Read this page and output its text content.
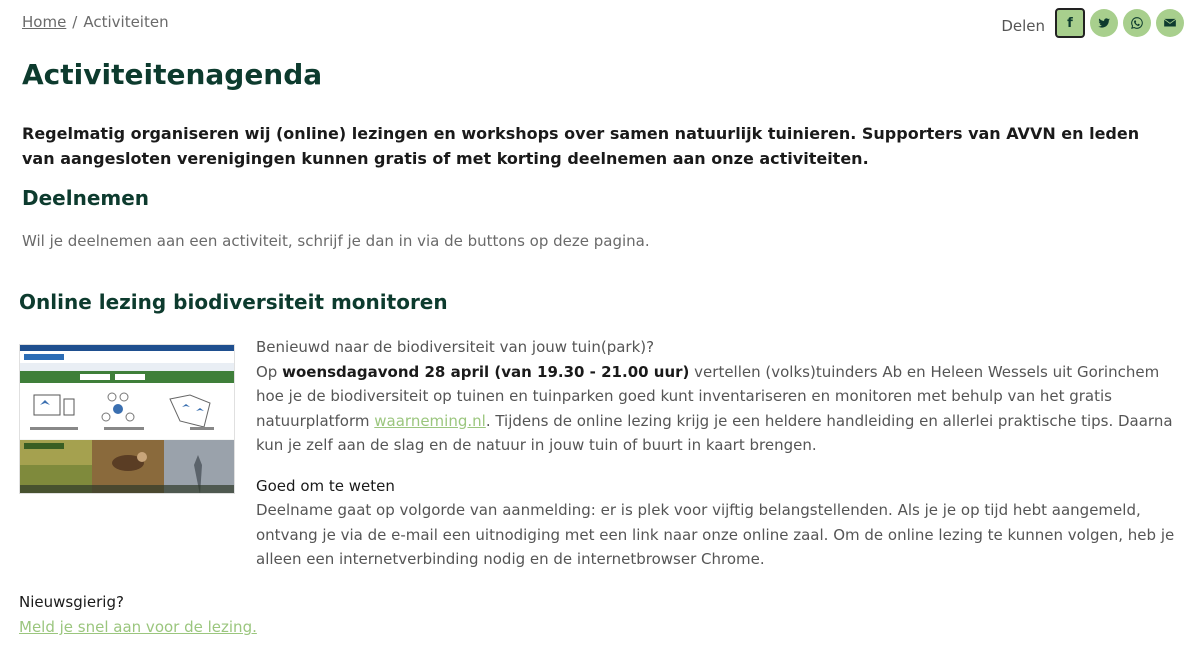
Home / Activiteiten	Delen f
Activiteitenagenda

Regelmatig organiseren wij (online) lezingen en workshops over samen natuurlijk tuinieren. Supporters van AVVN en leden van aangesloten verenigingen kunnen gratis of met korting deelnemen aan onze activiteiten.

Deelnemen

Wil je deelnemen aan een activiteit, schrijf je dan in via de buttons op deze pagina.

Online lezing biodiversiteit monitoren

Benieuwd naar de biodiversiteit van jouw tuin(park)?

Op woensdagavond 28 april (van 19.30 - 21.00 uur) vertellen (volks)tuinders Ab en Heleen Wessels uit Gorinchem hoe je de biodiversiteit op tuinen en tuinparken goed kunt inventariseren en monitoren met behulp van het gratis natuurplatform waarneming.nl. Tijdens de online lezing krijg je een heldere handleiding en allerlei praktische tips. Daarna kun je zelf aan de slag en de natuur in jouw tuin of buurt in kaart brengen.

Goed om te weten

Deelname gaat op volgorde van aanmelding: er is plek voor vijftig belangstellenden. Als je je op tijd hebt aangemeld, ontvang je via de e-mail een uitnodiging met een link naar onze online zaal. Om de online lezing te kunnen volgen, heb je alleen een internetverbinding nodig en de internetbrowser Chrome.

Nieuwsgierig?
Meld je snel aan voor de lezing.
